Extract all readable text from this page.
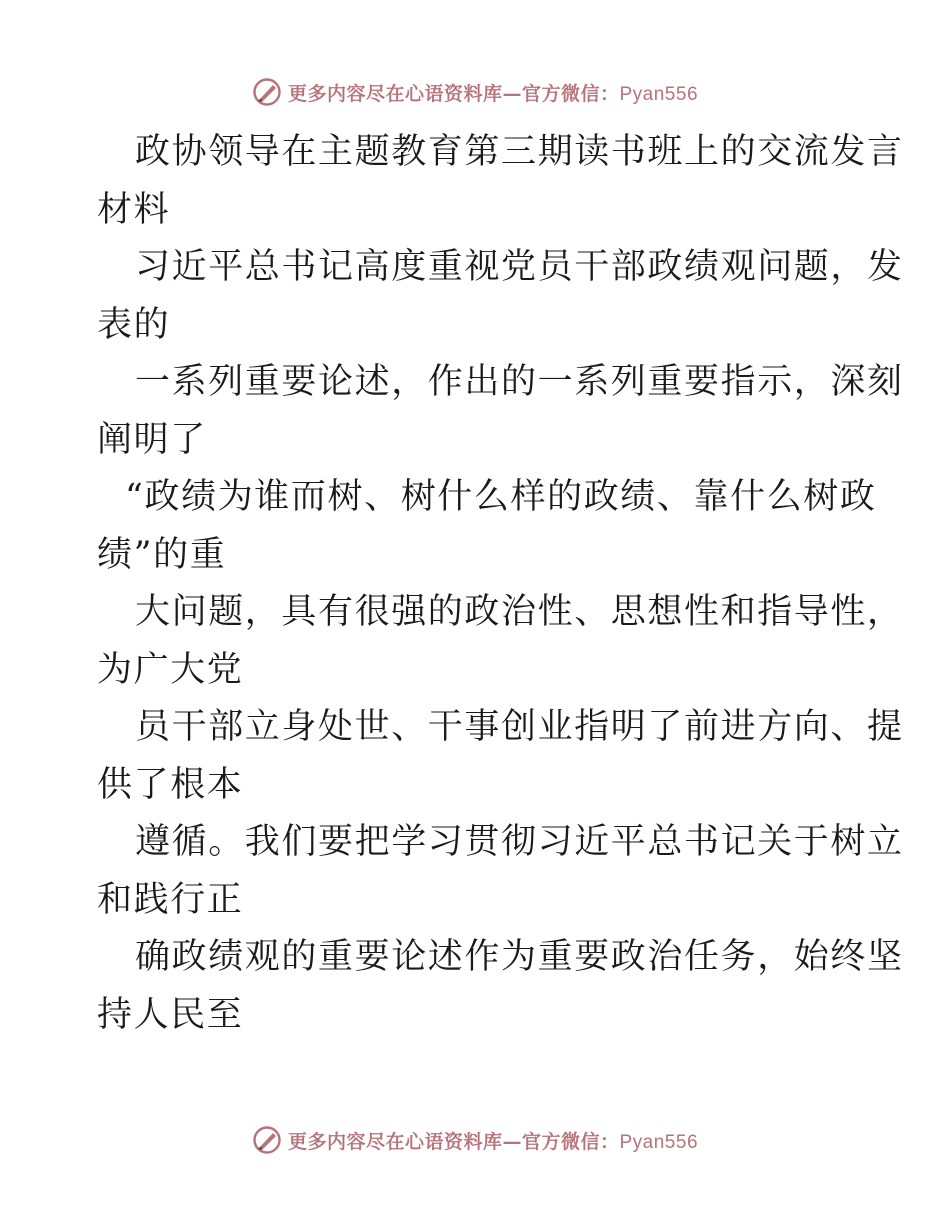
更多内容尽在心语资料库—官方微信：Pyan556
政协领导在主题教育第三期读书班上的交流发言
材料
习近平总书记高度重视党员干部政绩观问题，发
表的
一系列重要论述，作出的一系列重要指示，深刻
阐明了
“政绩为谁而树、树什么样的政绩、靠什么树政
绩”的重
大问题，具有很强的政治性、思想性和指导性，
为广大党
员干部立身处世、干事创业指明了前进方向、提
供了根本
遵循。我们要把学习贯彻习近平总书记关于树立
和践行正
确政绩观的重要论述作为重要政治任务，始终坚
持人民至
更多内容尽在心语资料库—官方微信：Pyan556
